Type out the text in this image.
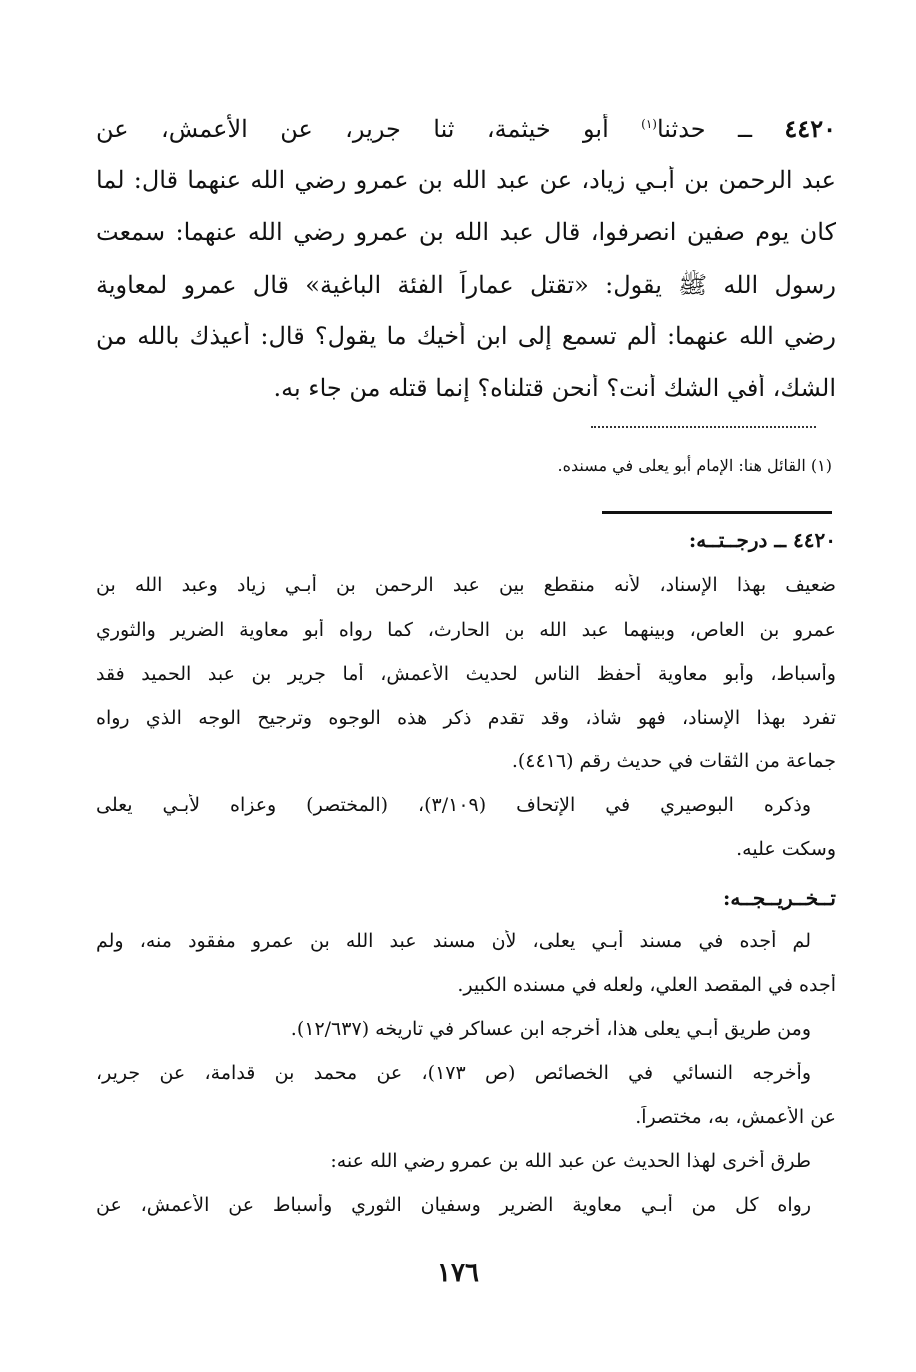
٤٤٢٠ ــ حدثنا$^{(١)}$ أبو خيثمة، ثنا جرير، عن الأعمش، عن
عبد الرحمن بن أبـي زياد، عن عبد الله بن عمرو رضي الله عنهما قال: لما
كان يوم صفين انصرفوا، قال عبد الله بن عمرو رضي الله عنهما: سمعت
رسول الله ﷺ يقول: «تقتل عماراً الفئة الباغية» قال عمرو لمعاوية
رضي الله عنهما: ألم تسمع إلى ابن أخيك ما يقول؟ قال: أعيذك بالله من
الشك، أفي الشك أنت؟ أنحن قتلناه؟ إنما قتله من جاء به.
(١) القائل هنا: الإمام أبو يعلى في مسنده.
٤٤٢٠ ــ درجــتــه:
ضعيف بهذا الإسناد، لأنه منقطع بين عبد الرحمن بن أبـي زياد وعبد الله بن
عمرو بن العاص، وبينهما عبد الله بن الحارث، كما رواه أبو معاوية الضرير والثوري
وأسباط، وأبو معاوية أحفظ الناس لحديث الأعمش، أما جرير بن عبد الحميد فقد
تفرد بهذا الإسناد، فهو شاذ، وقد تقدم ذكر هذه الوجوه وترجيح الوجه الذي رواه
جماعة من الثقات في حديث رقم (٤٤١٦).
وذكره البوصيري في الإتحاف (٣/١٠٩)، (المختصر) وعزاه لأبـي يعلى
وسكت عليه.
تــخــريــجــه:
لم أجده في مسند أبـي يعلى، لأن مسند عبد الله بن عمرو مفقود منه، ولم
أجده في المقصد العلي، ولعله في مسنده الكبير.
ومن طريق أبـي يعلى هذا، أخرجه ابن عساكر في تاريخه (١٢/٦٣٧).
وأخرجه النسائي في الخصائص (ص ١٧٣)، عن محمد بن قدامة، عن جرير،
عن الأعمش، به، مختصراً.
طرق أخرى لهذا الحديث عن عبد الله بن عمرو رضي الله عنه:
رواه كل من أبـي معاوية الضرير وسفيان الثوري وأسباط عن الأعمش، عن
١٧٦
